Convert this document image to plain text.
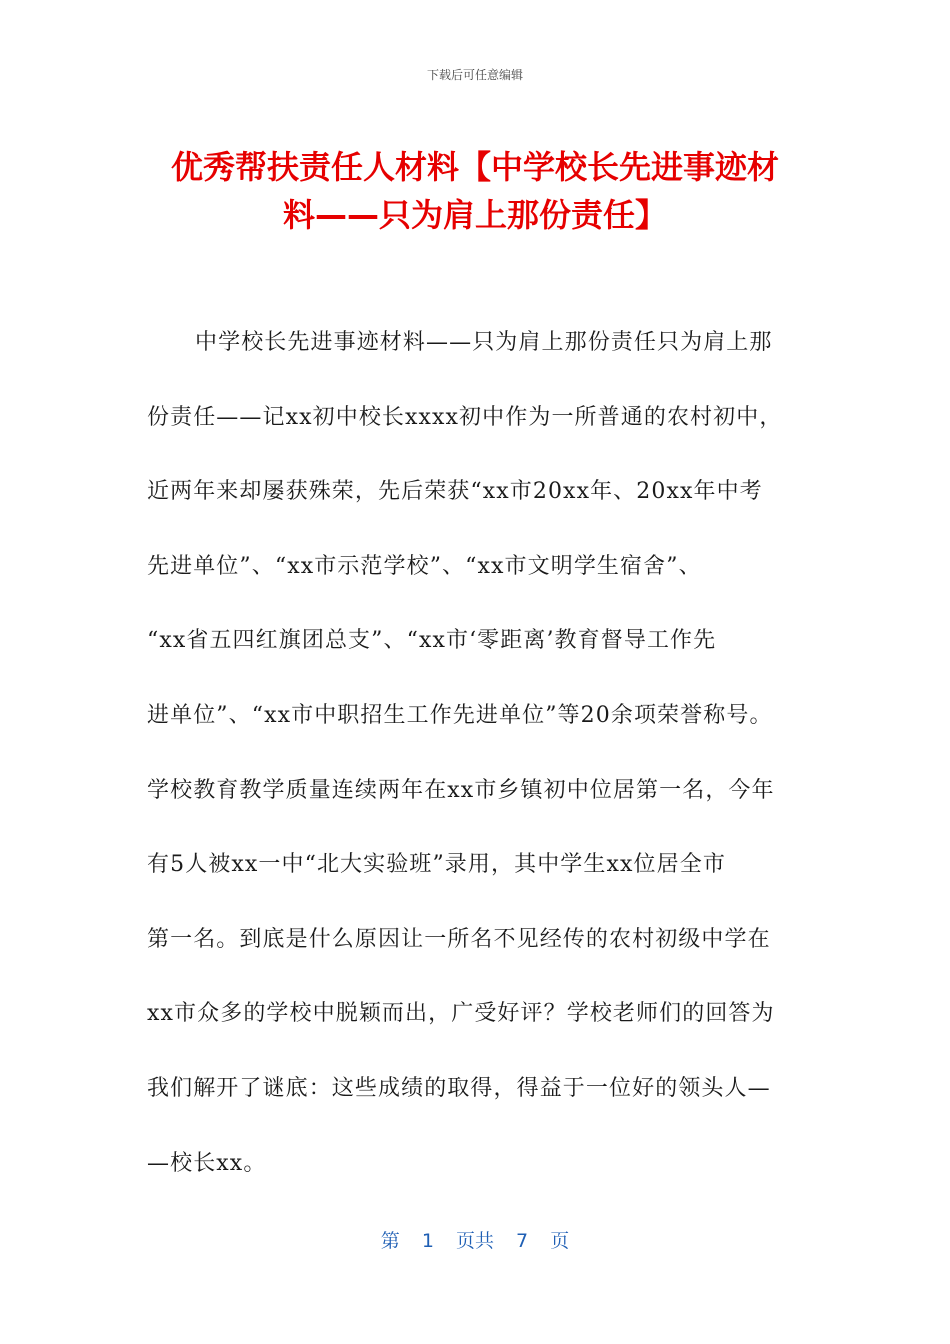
下载后可任意编辑
优秀帮扶责任人材料【中学校长先进事迹材
料——只为肩上那份责任】
中学校长先进事迹材料——只为肩上那份责任只为肩上那
份责任——记xx初中校长xxxx初中作为一所普通的农村初中，
近两年来却屡获殊荣，先后荣获“xx市20xx年、20xx年中考
先进单位”、“xx市示范学校”、“xx市文明学生宿舍”、
“xx省五四红旗团总支”、“xx市‘零距离’教育督导工作先
进单位”、“xx市中职招生工作先进单位”等20余项荣誉称号。
学校教育教学质量连续两年在xx市乡镇初中位居第一名，今年
有5人被xx一中“北大实验班”录用，其中学生xx位居全市
第一名。到底是什么原因让一所名不见经传的农村初级中学在
xx市众多的学校中脱颖而出，广受好评？学校老师们的回答为
我们解开了谜底：这些成绩的取得，得益于一位好的领头人—
—校长xx。
第 1 页共 7 页
